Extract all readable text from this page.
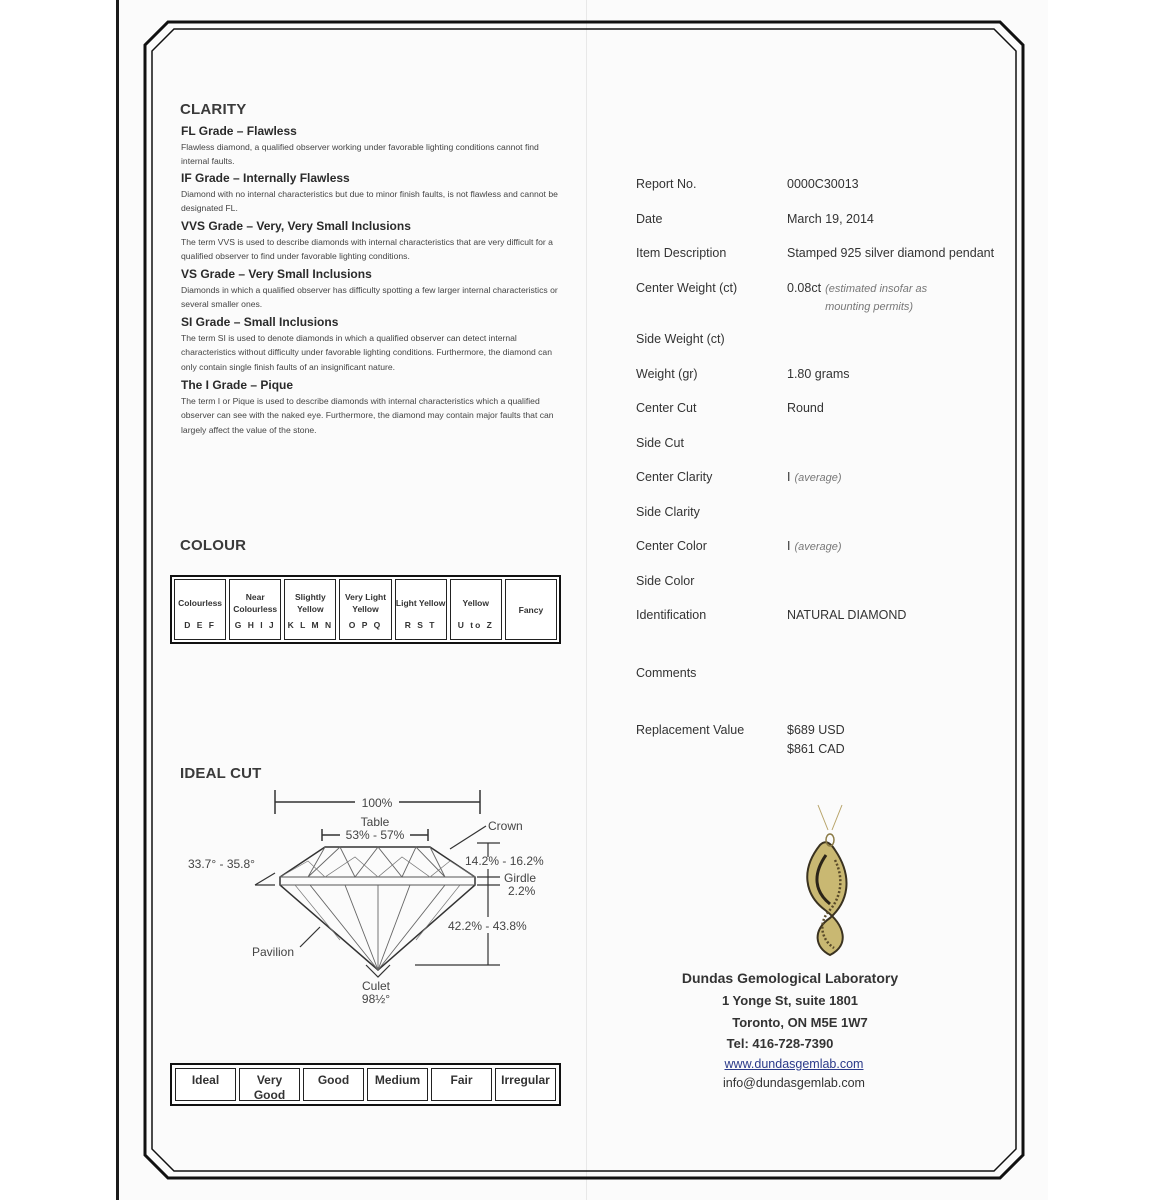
CLARITY
FL Grade – Flawless
Flawless diamond, a qualified observer working under favorable lighting conditions cannot find internal faults.
IF Grade – Internally Flawless
Diamond with no internal characteristics but due to minor finish faults, is not flawless and cannot be designated FL.
VVS Grade – Very, Very Small Inclusions
The term VVS is used to describe diamonds with internal characteristics that are very difficult for a qualified observer to find under favorable lighting conditions.
VS Grade – Very Small Inclusions
Diamonds in which a qualified observer has difficulty spotting a few larger internal characteristics or several smaller ones.
SI Grade – Small Inclusions
The term SI is used to denote diamonds in which a qualified observer can detect internal characteristics without difficulty under favorable lighting conditions. Furthermore, the diamond can only contain single finish faults of an insignificant nature.
The I Grade – Pique
The term I or Pique is used to describe diamonds with internal characteristics which a qualified observer can see with the naked eye. Furthermore, the diamond may contain major faults that can largely affect the value of the stone.
COLOUR
Colourless
D E F
Near Colourless
G H I J
Slightly Yellow
K L M N
Very Light Yellow
O P Q
Light Yellow
R S T
Yellow
U to Z
Fancy
IDEAL CUT
100%
Table
53% - 57%
Crown
33.7° - 35.8°	14.2% - 16.2%
Girdle
2.2%
42.2% - 43.8%
Pavilion
Culet
98½°
Ideal	Very Good
Good	Medium	Fair	Irregular
Report No.	0000C30013
Date	March 19, 2014
Item Description	Stamped 925 silver diamond pendant
Center Weight (ct)	0.08ct (estimated insofar as mounting permits)
Side Weight (ct)
Weight (gr)	1.80 grams
Center Cut	Round
Side Cut
Center Clarity	I (average)
Side Clarity
Center Color	I (average)
Side Color
Identification	NATURAL DIAMOND
Comments
Replacement Value	$689 USD
$861 CAD
Dundas Gemological Laboratory
1 Yonge St, suite 1801
Toronto, ON M5E 1W7
Tel: 416-728-7390
www.dundasgemlab.com
info@dundasgemlab.com
